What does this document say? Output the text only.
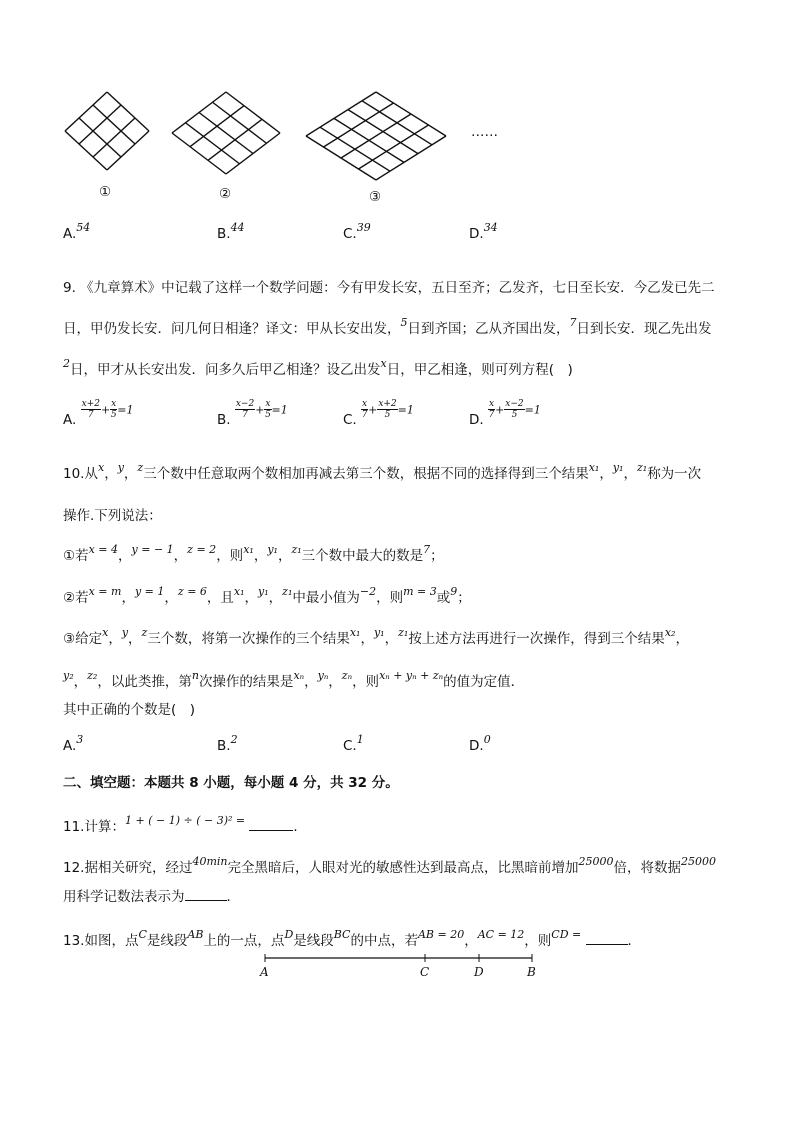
①	②	③
……
A.$^{54}$	B.$^{44}$	C.$^{39}$	D.$^{34}$
9. 《九章算术》中记载了这样一个数学问题：今有甲发长安，五日至齐；乙发齐，七日至长安．今乙发已先二
日，甲仍发长安．问几何日相逢？译文：甲从长安出发，$^5$日到齐国；乙从齐国出发，$^7$日到长安．现乙先出发
$^2$日，甲才从长安出发．问多久后甲乙相逢？设乙出发$^x$日，甲乙相逢，则可列方程(　)
A. $\frac{x+2}{7} + \frac{x}{5} =1$
B. $\frac{x-2}{7} + \frac{x}{5} =1$
C. $\frac{x}{7} + \frac{x+2}{5} =1$
D. $\frac{x}{7} + \frac{x-2}{5} =1$
10.从$^x$，$^y$，$^z$三个数中任意取两个数相加再减去第三个数，根据不同的选择得到三个结果$^{x_1}$，$^{y_1}$，$^{z_1}$称为一次
操作.下列说法：
①若$^{x = 4}$，$^{y = - 1}$，$^{z = 2}$，则$^{x_1}$，$^{y_1}$，$^{z_1}$三个数中最大的数是$^7$；
②若$^{x = m}$，$^{y = 1}$，$^{z = 6}$，且$^{x_1}$，$^{y_1}$，$^{z_1}$中最小值为$^{-2}$，则$^{m = 3}$或$^9$；
③给定$^x$，$^y$，$^z$三个数，将第一次操作的三个结果$^{x_1}$，$^{y_1}$，$^{z_1}$按上述方法再进行一次操作，得到三个结果$^{x_2}$，
$^{y_2}$，$^{z_2}$，以此类推，第$^n$次操作的结果是$^{x_n}$，$^{y_n}$，$^{z_n}$，则$^{x_n + y_n + z_n}$的值为定值．
其中正确的个数是(　)
A.$^3$	B.$^2$	C.$^1$	D.$^0$
二、填空题：本题共 8 小题，每小题 4 分，共 32 分。
11.计算：$^{1 + ( - 1) \div ( - 3)^2 =}$	．
12.据相关研究，经过$^{40min}$完全黑暗后，人眼对光的敏感性达到最高点，比黑暗前增加$^{25000}$倍，将数据$^{25000}$
用科学记数法表示为	．
13.如图，点$^C$是线段$^{AB}$上的一点，点$^D$是线段$^{BC}$的中点，若$^{AB = 20}$，$^{AC = 12}$，则$^{CD =}$	．
A	C	D	B
